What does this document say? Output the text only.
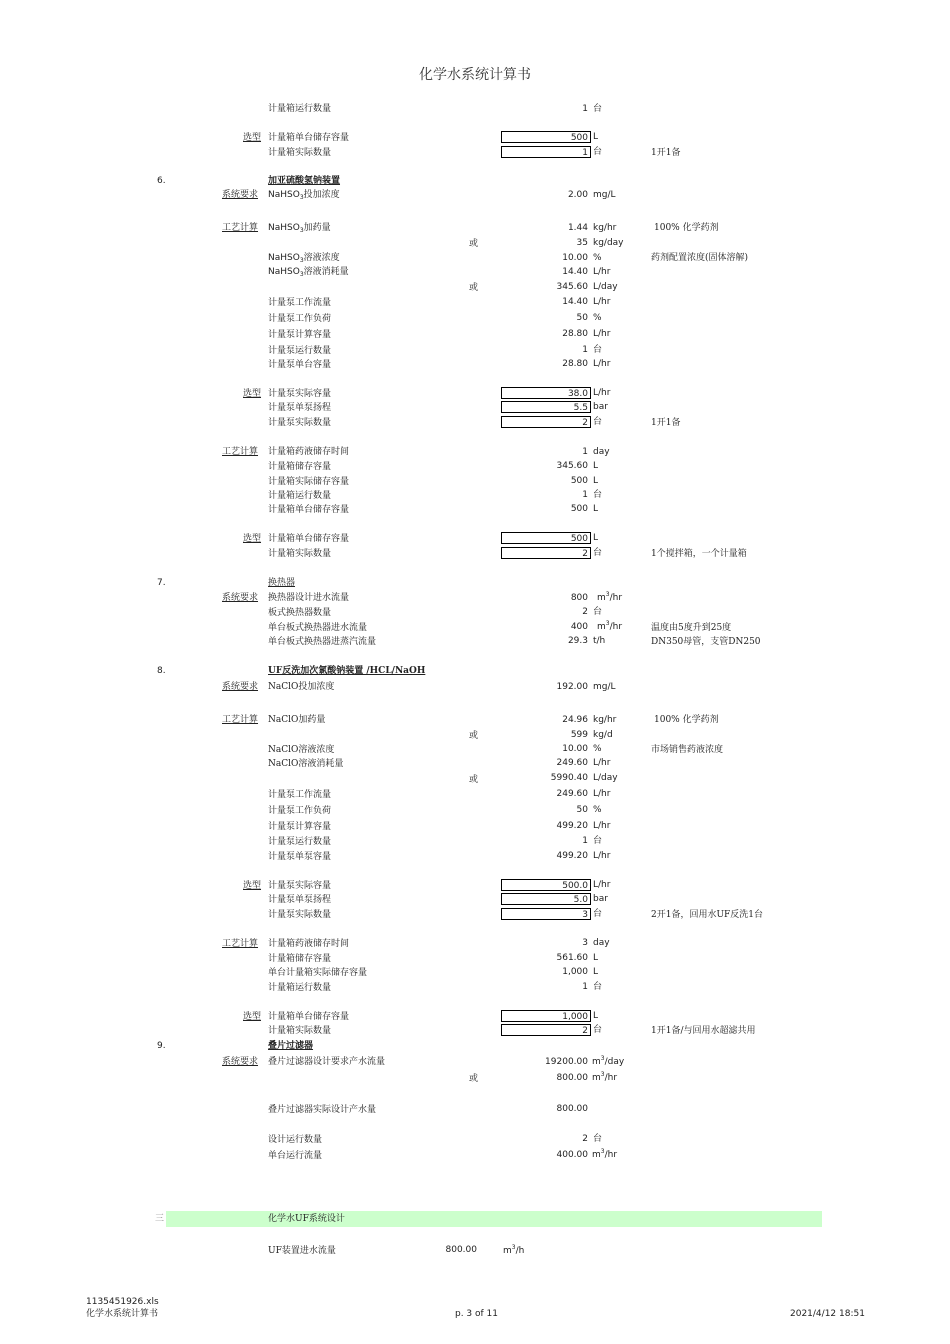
化学水系统计算书
计量箱运行数量	1 台
选型 计量箱单台储存容量	500 L
计量箱实际数量	1 台	1开1备
6.	加亚硫酸氢钠装置
系统要求 NaHSO$_3$投加浓度	2.00 mg/L
工艺计算 NaHSO$_3$加药量	1.44 kg/hr	100% 化学药剂
或	35 kg/day
NaHSO$_3$溶液浓度	10.00 %	药剂配置浓度(固体溶解)
NaHSO$_3$溶液消耗量	14.40 L/hr
或	345.60 L/day
计量泵工作流量	14.40 L/hr
计量泵工作负荷	50 %
计量泵计算容量	28.80 L/hr
计量泵运行数量	1 台
计量泵单台容量	28.80 L/hr
选型 计量泵实际容量	38.0 L/hr
计量泵单泵扬程	5.5 bar
计量泵实际数量	2 台	1开1备
工艺计算 计量箱药液储存时间	1 day
计量箱储存容量	345.60 L
计量箱实际储存容量	500 L
计量箱运行数量	1 台
计量箱单台储存容量	500 L
选型 计量箱单台储存容量	500 L
计量箱实际数量	2 台	1个搅拌箱，一个计量箱
7.	换热器
系统要求 换热器设计进水流量	800 $m^3/hr$
板式换热器数量	2 台
单台板式换热器进水流量	400 $m^3/hr$	温度由5度升到25度
单台板式换热器进蒸汽流量	29.3 t/h	DN350母管，支管DN250
8.	UF反洗加次氯酸钠装置 /HCL/NaOH
系统要求 NaClO投加浓度	192.00 mg/L
工艺计算 NaClO加药量	24.96 kg/hr	100% 化学药剂
或	599 kg/d
NaClO溶液浓度	10.00 %	市场销售药液浓度
NaClO溶液消耗量	249.60 L/hr
或	5990.40 L/day
计量泵工作流量	249.60 L/hr
计量泵工作负荷	50 %
计量泵计算容量	499.20 L/hr
计量泵运行数量	1 台
计量泵单泵容量	499.20 L/hr
选型 计量泵实际容量	500.0 L/hr
计量泵单泵扬程	5.0 bar
计量泵实际数量	3 台	2开1备，回用水UF反洗1台
工艺计算 计量箱药液储存时间	3 day
计量箱储存容量	561.60 L
单台计量箱实际储存容量	1,000 L
计量箱运行数量	1 台
选型 计量箱单台储存容量	1,000 L
计量箱实际数量	2 台	1开1备/与回用水超滤共用
9.	叠片过滤器
系统要求 叠片过滤器设计要求产水流量	19200.00 $m^3$/day
或	800.00 $m^3/hr$
叠片过滤器实际设计产水量	800.00
设计运行数量	2 台
单台运行流量	400.00 $m^3/hr$
三	化学水UF系统设计
UF装置进水流量	800.00	$m^3/h$
1135451926.xls
化学水系统计算书	p. 3 of 11	2021/4/12 18:51
